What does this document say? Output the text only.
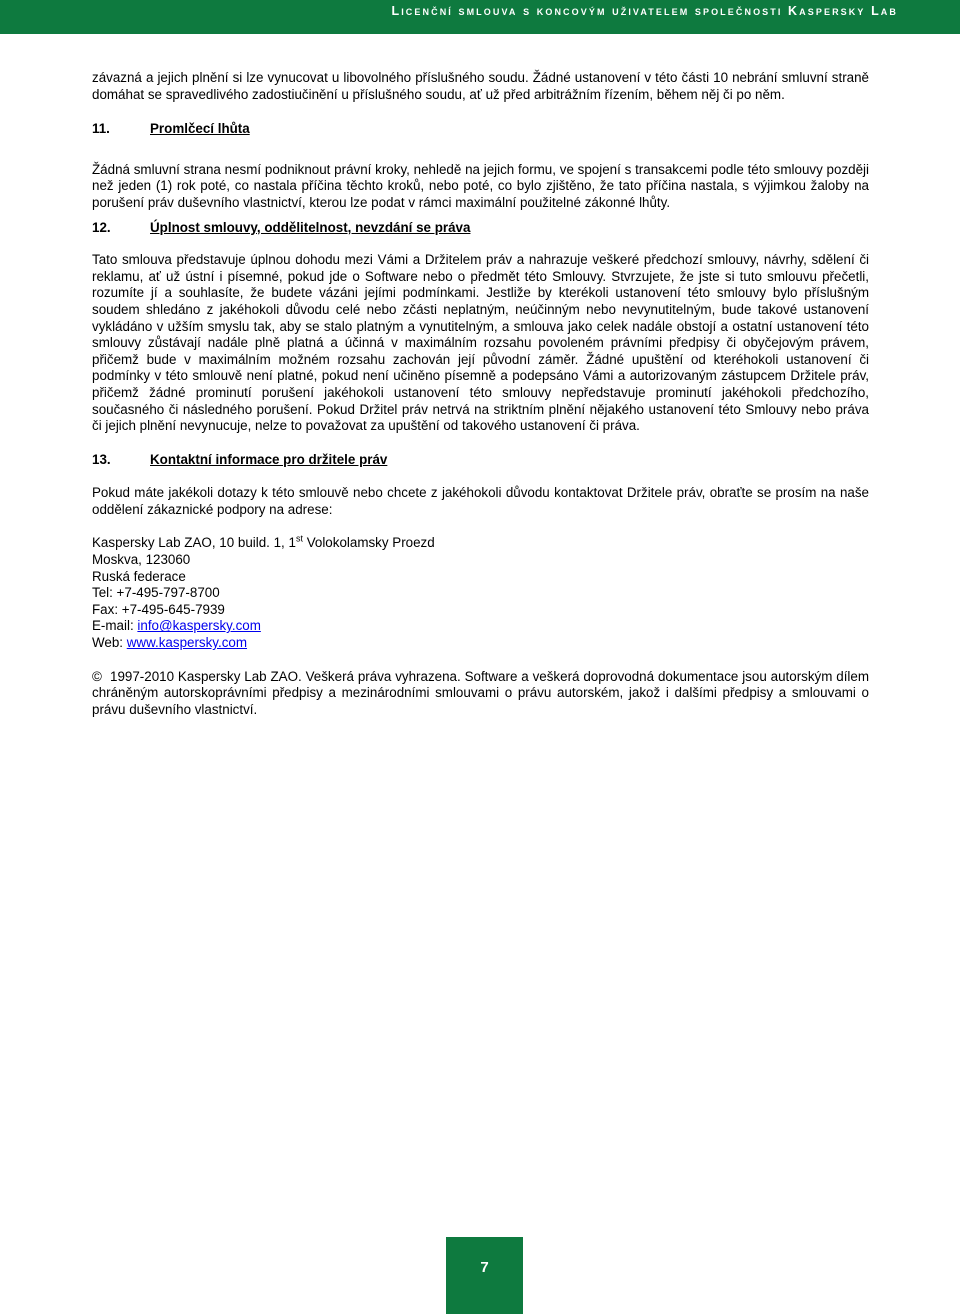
Licenční smlouva s koncovým uživatelem společnosti Kaspersky Lab

závazná a jejich plnění si lze vynucovat u libovolného příslušného soudu. Žádné ustanovení v této části 10 nebrání smluvní straně domáhat se spravedlivého zadostiučinění u příslušného soudu, ať už před arbitrážním řízením, během něj či po něm.

11.	Promlčecí lhůta

Žádná smluvní strana nesmí podniknout právní kroky, nehledě na jejich formu, ve spojení s transakcemi podle této smlouvy později než jeden (1) rok poté, co nastala příčina těchto kroků, nebo poté, co bylo zjištěno, že tato příčina nastala, s výjimkou žaloby na porušení práv duševního vlastnictví, kterou lze podat v rámci maximální použitelné zákonné lhůty.

12.	Úplnost smlouvy, oddělitelnost, nevzdání se práva

Tato smlouva představuje úplnou dohodu mezi Vámi a Držitelem práv a nahrazuje veškeré předchozí smlouvy, návrhy, sdělení či reklamu, ať už ústní i písemné, pokud jde o Software nebo o předmět této Smlouvy. Stvrzujete, že jste si tuto smlouvu přečetli, rozumíte jí a souhlasíte, že budete vázáni jejími podmínkami. Jestliže by kterékoli ustanovení této smlouvy bylo příslušným soudem shledáno z jakéhokoli důvodu celé nebo zčásti neplatným, neúčinným nebo nevynutitelným, bude takové ustanovení vykládáno v užším smyslu tak, aby se stalo platným a vynutitelným, a smlouva jako celek nadále obstojí a ostatní ustanovení této smlouvy zůstávají nadále plně platná a účinná v maximálním rozsahu povoleném právními předpisy či obyčejovým právem, přičemž bude v maximálním možném rozsahu zachován její původní záměr. Žádné upuštění od kteréhokoli ustanovení či podmínky v této smlouvě není platné, pokud není učiněno písemně a podepsáno Vámi a autorizovaným zástupcem Držitele práv, přičemž žádné prominutí porušení jakéhokoli ustanovení této smlouvy nepředstavuje prominutí jakéhokoli předchozího, současného či následného porušení. Pokud Držitel práv netrvá na striktním plnění nějakého ustanovení této Smlouvy nebo práva či jejich plnění nevynucuje, nelze to považovat za upuštění od takového ustanovení či práva.

13.	Kontaktní informace pro držitele práv

Pokud máte jakékoli dotazy k této smlouvě nebo chcete z jakéhokoli důvodu kontaktovat Držitele práv, obraťte se prosím na naše oddělení zákaznické podpory na adrese:

Kaspersky Lab ZAO, 10 build. 1, 1st Volokolamsky Proezd
Moskva, 123060
Ruská federace
Tel: +7-495-797-8700
Fax: +7-495-645-7939
E-mail: info@kaspersky.com
Web: www.kaspersky.com

© 1997-2010 Kaspersky Lab ZAO. Veškerá práva vyhrazena. Software a veškerá doprovodná dokumentace jsou autorským dílem chráněným autorskoprávními předpisy a mezinárodními smlouvami o právu autorském, jakož i dalšími předpisy a smlouvami o právu duševního vlastnictví.

7
